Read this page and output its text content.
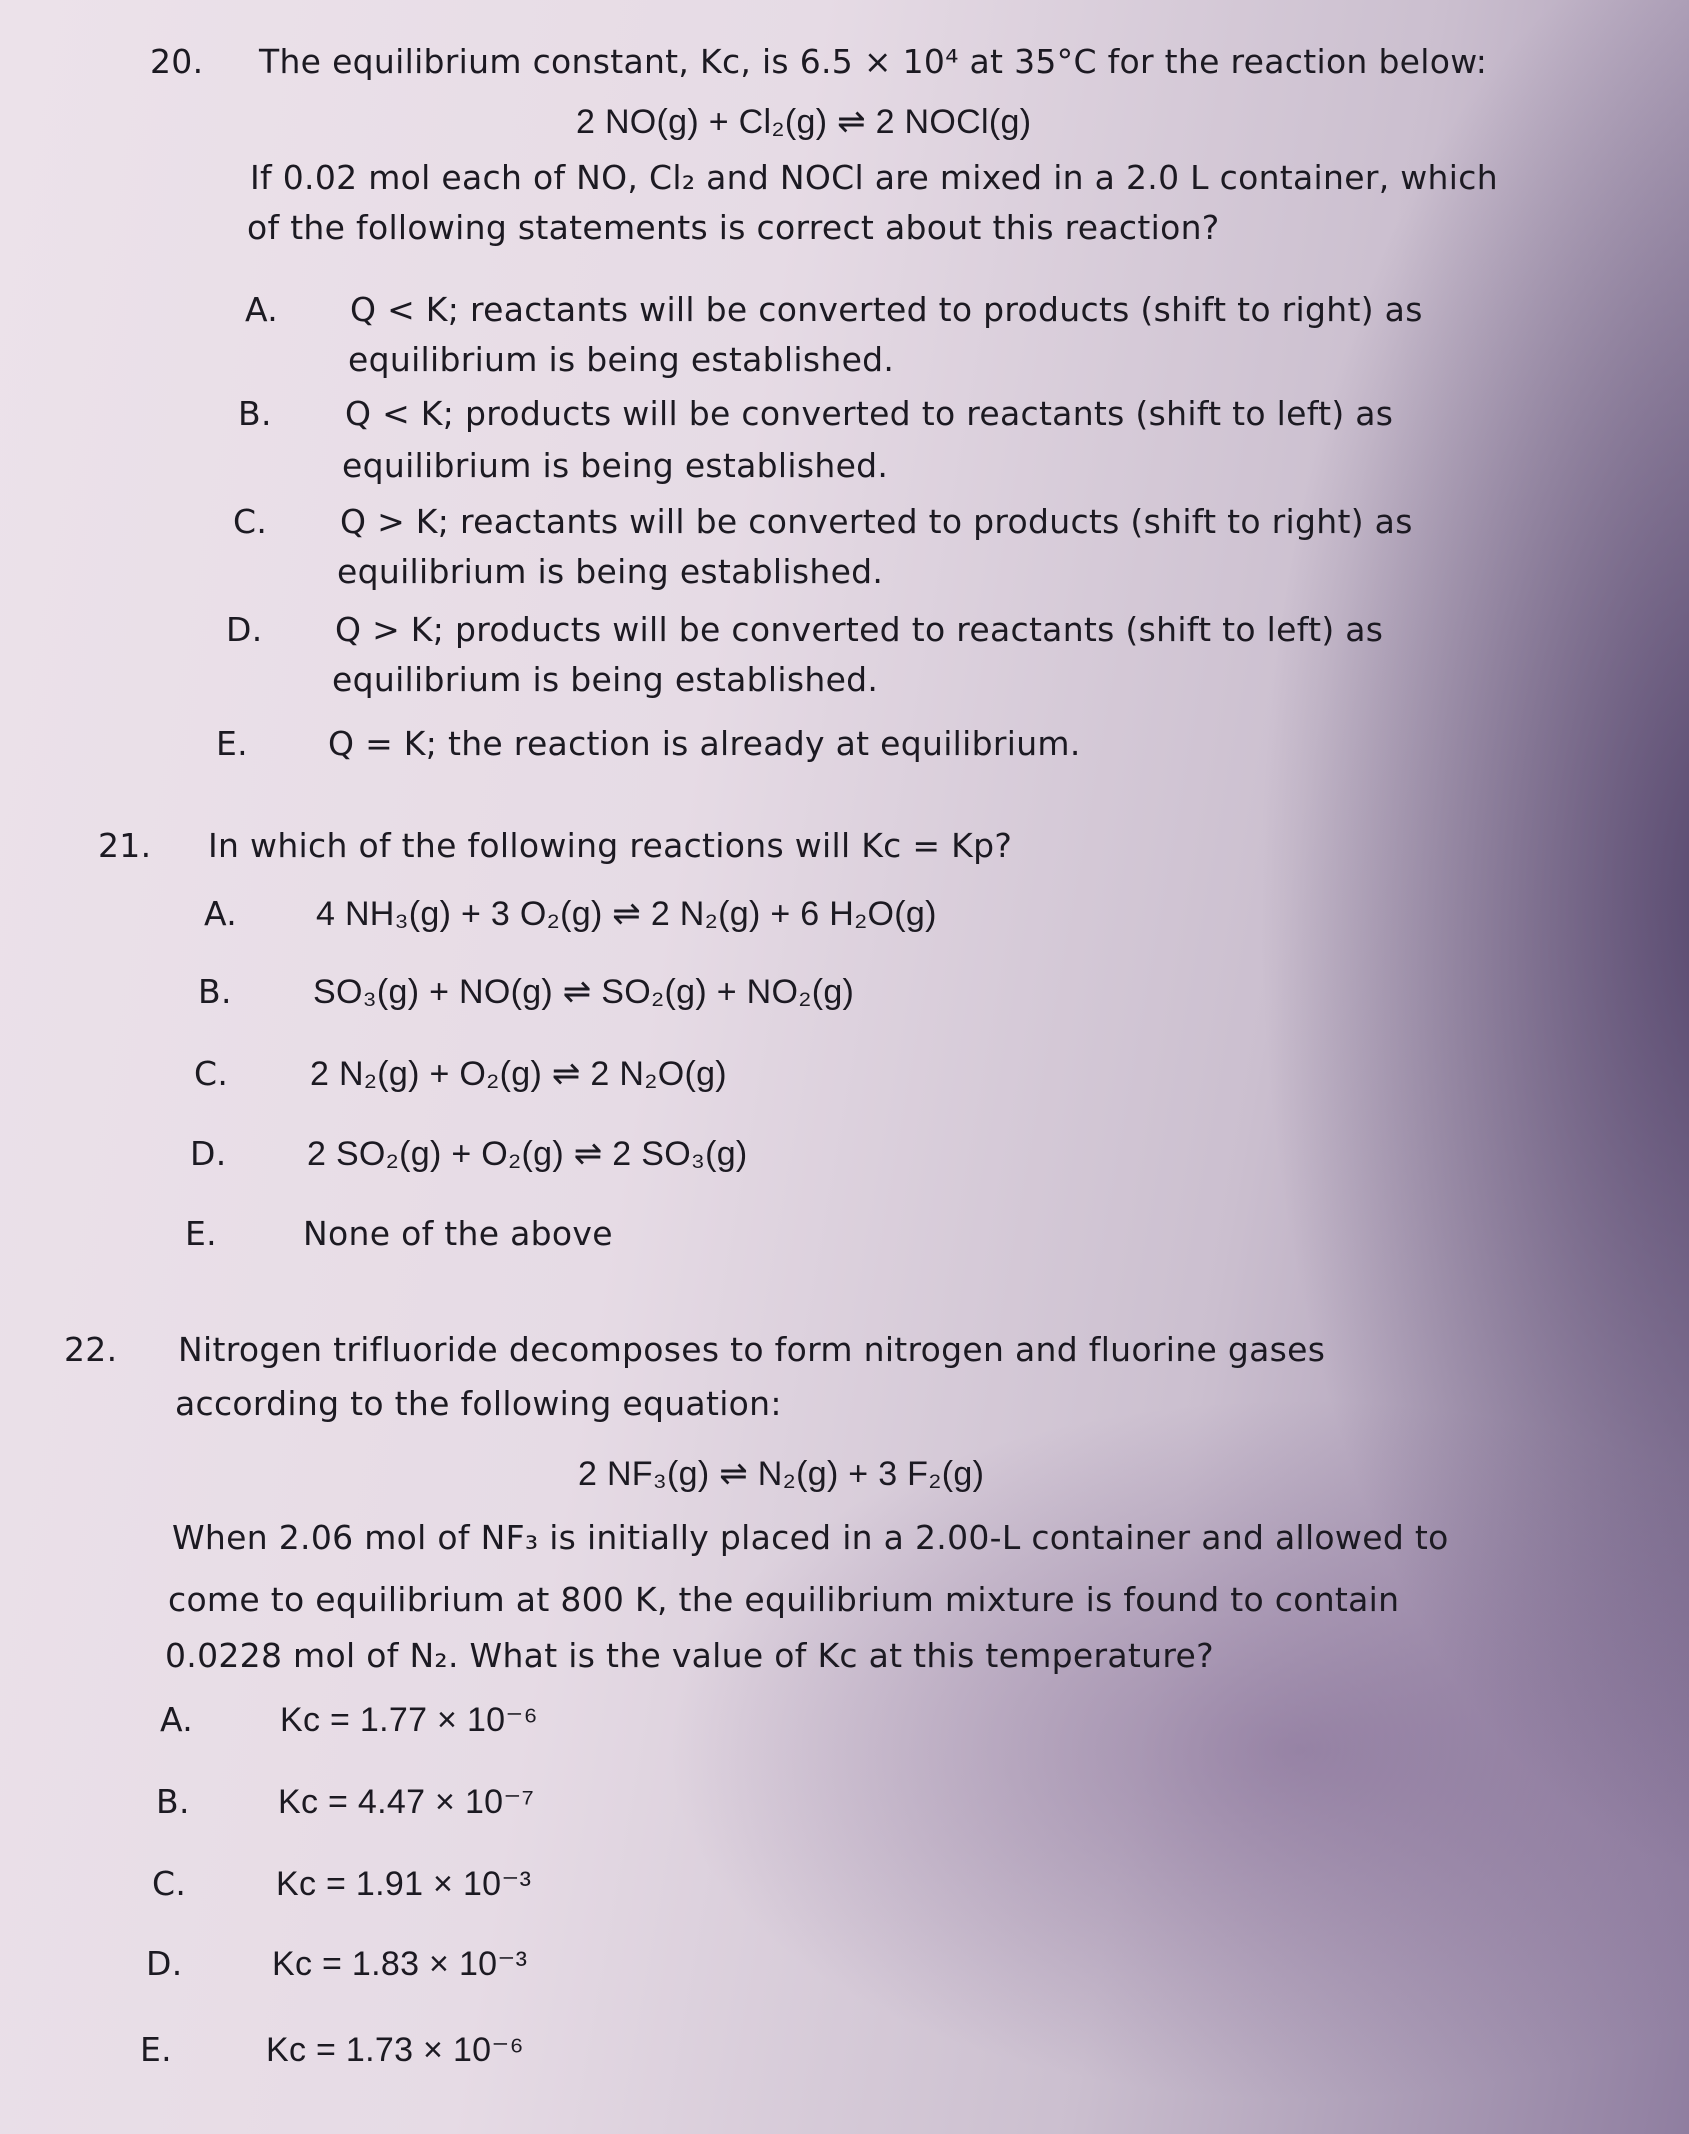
20. The equilibrium constant, Kc, is 6.5 × 10⁴ at 35°C for the reaction below:
2 NO(g) + Cl₂(g) ⇌ 2 NOCl(g)
If 0.02 mol each of NO, Cl₂ and NOCl are mixed in a 2.0 L container, which
of the following statements is correct about this reaction?
A. Q < K; reactants will be converted to products (shift to right) as
equilibrium is being established.
B. Q < K; products will be converted to reactants (shift to left) as
equilibrium is being established.
C. Q > K; reactants will be converted to products (shift to right) as
equilibrium is being established.
D. Q > K; products will be converted to reactants (shift to left) as
equilibrium is being established.
E. Q = K; the reaction is already at equilibrium.
21. In which of the following reactions will Kc = Kp?
A. 4 NH₃(g) + 3 O₂(g) ⇌ 2 N₂(g) + 6 H₂O(g)
B. SO₃(g) + NO(g) ⇌ SO₂(g) + NO₂(g)
C. 2 N₂(g) + O₂(g) ⇌ 2 N₂O(g)
D. 2 SO₂(g) + O₂(g) ⇌ 2 SO₃(g)
E.	None of the above
22. Nitrogen trifluoride decomposes to form nitrogen and fluorine gases
according to the following equation:
2 NF₃(g) ⇌ N₂(g) + 3 F₂(g)
When 2.06 mol of NF₃ is initially placed in a 2.00-L container and allowed to
come to equilibrium at 800 K, the equilibrium mixture is found to contain
0.0228 mol of N₂. What is the value of Kc at this temperature?
A.	Kc = 1.77 × 10⁻⁶
B.	Kc = 4.47 × 10⁻⁷
C.	Kc = 1.91 × 10⁻³
D.	Kc = 1.83 × 10⁻³
E.	Kc = 1.73 × 10⁻⁶
